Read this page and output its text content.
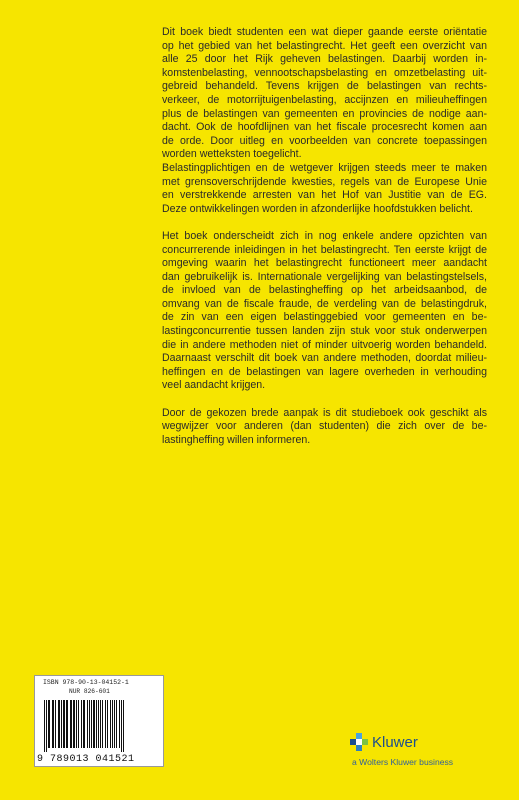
Dit boek biedt studenten een wat dieper gaande eerste oriëntatie
op het gebied van het belastingrecht. Het geeft een overzicht van
alle 25 door het Rijk geheven belastingen. Daarbij worden in-
komstenbelasting, vennootschapsbelasting en omzetbelasting uit-
gebreid behandeld. Tevens krijgen de belastingen van rechts-
verkeer, de motorrijtuigenbelasting, accijnzen en milieuheffingen
plus de belastingen van gemeenten en provincies de nodige aan-
dacht. Ook de hoofdlijnen van het fiscale procesrecht komen aan
de orde. Door uitleg en voorbeelden van concrete toepassingen
worden wetteksten toegelicht.

Belastingplichtigen en de wetgever krijgen steeds meer te maken
met grensoverschrijdende kwesties, regels van de Europese Unie
en verstrekkende arresten van het Hof van Justitie van de EG.
Deze ontwikkelingen worden in afzonderlijke hoofdstukken belicht.

Het boek onderscheidt zich in nog enkele andere opzichten van
concurrerende inleidingen in het belastingrecht. Ten eerste krijgt de
omgeving waarin het belastingrecht functioneert meer aandacht
dan gebruikelijk is. Internationale vergelijking van belastingstelsels,
de invloed van de belastingheffing op het arbeidsaanbod, de
omvang van de fiscale fraude, de verdeling van de belastingdruk,
de zin van een eigen belastinggebied voor gemeenten en be-
lastingconcurrentie tussen landen zijn stuk voor stuk onderwerpen
die in andere methoden niet of minder uitvoerig worden behandeld.
Daarnaast verschilt dit boek van andere methoden, doordat milieu-
heffingen en de belastingen van lagere overheden in verhouding
veel aandacht krijgen.

Door de gekozen brede aanpak is dit studieboek ook geschikt als
wegwijzer voor anderen (dan studenten) die zich over de be-
lastingheffing willen informeren.

ISBN 978-90-13-04152-1
NUR 826-601
9 789013 041521
Kluwer
a Wolters Kluwer business
